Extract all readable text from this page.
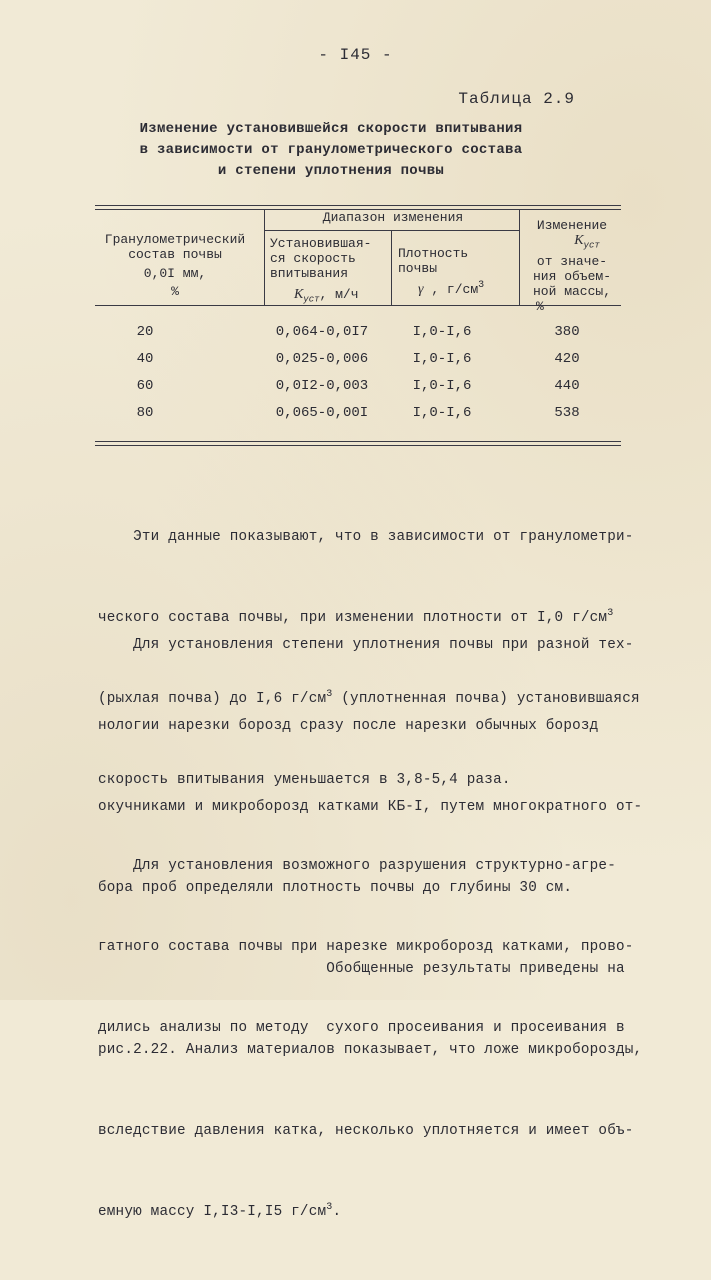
- I45 -
Таблица 2.9
Изменение установившейся скорости впитывания
в зависимости от гранулометрического состава
и степени уплотнения почвы
Гранулометрический
состав почвы
0,0I мм,
%
Диапазон изменения
Установившая-
ся скорость
впитывания
$К_{уст}$, м/ч
Плотность
почвы
γ , $г/см^3$
Изменение
$К_{уст}$
от значе-
ния объем-
ной массы,
%
20	0,064-0,0I7	I,0-I,6	380
40	0,025-0,006	I,0-I,6	420
60	0,0I2-0,003	I,0-I,6	440
80	0,065-0,00I	I,0-I,6	538

Эти данные показывают, что в зависимости от гранулометри-

ческого состава почвы, при изменении плотности от I,0 $г/см^3$

(рыхлая почва) до I,6 $г/см^3$ (уплотненная почва) установившаяся

скорость впитывания уменьшается в 3,8-5,4 раза.

Для установления степени уплотнения почвы при разной тех-

нологии нарезки борозд сразу после нарезки обычных борозд

окучниками и микроборозд катками КБ-I, путем многократного от-

бора проб определяли плотность почвы до глубины 30 см.

Обобщенные результаты приведены на

рис.2.22. Анализ материалов показывает, что ложе микроборозды,

вследствие давления катка, несколько уплотняется и имеет объ-

емную массу I,I3-I,I5 $г/см^3$.

Для установления возможного разрушения структурно-агре-

гатного состава почвы при нарезке микроборозд катками, прово-

дились анализы по методу  сухого просеивания и просеивания в
